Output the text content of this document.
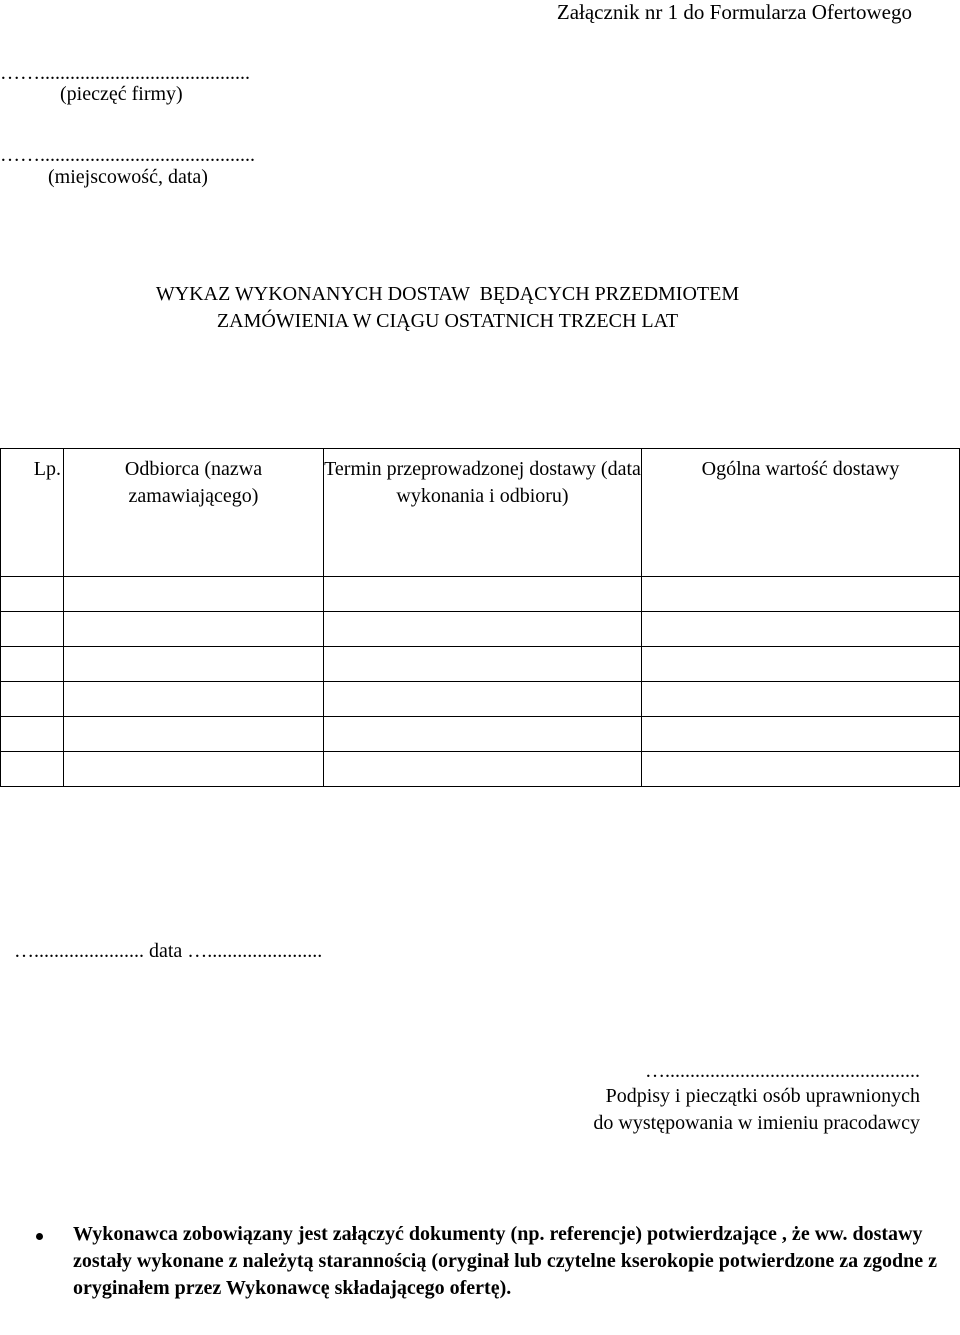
Załącznik nr 1 do Formularza Ofertowego
……..........................................
(pieczęć firmy)
……...........................................
(miejscowość, data)
WYKAZ WYKONANYCH DOSTAW  BĘDĄCYCH PRZEDMIOTEM
ZAMÓWIENIA W CIĄGU OSTATNICH TRZECH LAT
Lp.	Odbiorca (nazwa zamawiającego)	Termin przeprowadzonej dostawy (data wykonania i odbioru)	Ogólna wartość dostawy

…...................... data ….......................
…...................................................
Podpisy i pieczątki osób uprawnionych
do występowania w imieniu pracodawcy
Wykonawca zobowiązany jest załączyć dokumenty (np. referencje) potwierdzające , że ww. dostawy zostały wykonane z należytą starannością (oryginał lub czytelne kserokopie potwierdzone za zgodne z oryginałem przez Wykonawcę składającego ofertę).
